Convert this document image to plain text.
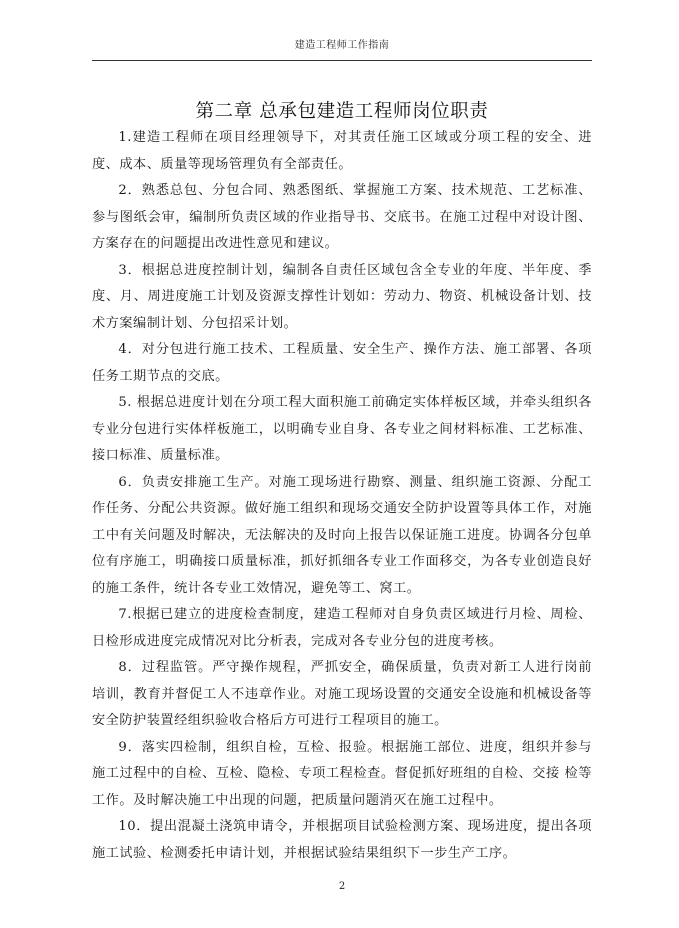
建造工程师工作指南
第二章 总承包建造工程师岗位职责

1.建造工程师在项目经理领导下，对其责任施工区域或分项工程的安全、进度、成本、质量等现场管理负有全部责任。

2．熟悉总包、分包合同、熟悉图纸、掌握施工方案、技术规范、工艺标准、参与图纸会审，编制所负责区域的作业指导书、交底书。在施工过程中对设计图、方案存在的问题提出改进性意见和建议。

3．根据总进度控制计划，编制各自责任区域包含全专业的年度、半年度、季度、月、周进度施工计划及资源支撑性计划如：劳动力、物资、机械设备计划、技术方案编制计划、分包招采计划。

4．对分包进行施工技术、工程质量、安全生产、操作方法、施工部署、各项任务工期节点的交底。

5. 根据总进度计划在分项工程大面积施工前确定实体样板区域，并牵头组织各专业分包进行实体样板施工，以明确专业自身、各专业之间材料标准、工艺标准、接口标准、质量标准。

6．负责安排施工生产。对施工现场进行勘察、测量、组织施工资源、分配工作任务、分配公共资源。做好施工组织和现场交通安全防护设置等具体工作，对施工中有关问题及时解决，无法解决的及时向上报告以保证施工进度。协调各分包单位有序施工，明确接口质量标准，抓好抓细各专业工作面移交，为各专业创造良好的施工条件，统计各专业工效情况，避免等工、窝工。

7.根据已建立的进度检查制度，建造工程师对自身负责区域进行月检、周检、日检形成进度完成情况对比分析表，完成对各专业分包的进度考核。

8．过程监管。严守操作规程，严抓安全，确保质量，负责对新工人进行岗前培训，教育并督促工人不违章作业。对施工现场设置的交通安全设施和机械设备等安全防护装置经组织验收合格后方可进行工程项目的施工。

9．落实四检制，组织自检，互检、报验。根据施工部位、进度，组织并参与施工过程中的自检、互检、隐检、专项工程检查。督促抓好班组的自检、交接 检等工作。及时解决施工中出现的问题，把质量问题消灭在施工过程中。

10．提出混凝土浇筑申请令，并根据项目试验检测方案、现场进度，提出各项施工试验、检测委托申请计划，并根据试验结果组织下一步生产工序。

2
